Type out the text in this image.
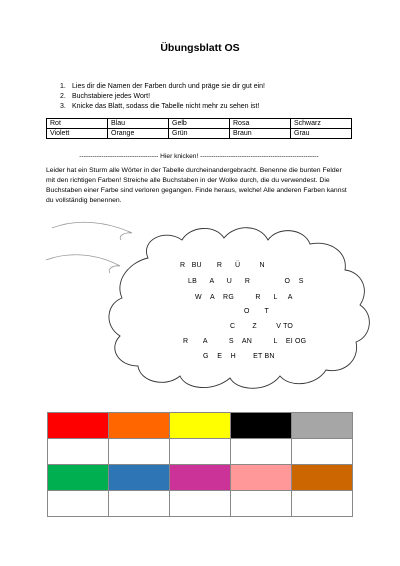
Übungsblatt OS
1. Lies dir die Namen der Farben durch und präge sie dir gut ein!
2. Buchstabiere jedes Wort!
3. Knicke das Blatt, sodass die Tabelle nicht mehr zu sehen ist!
Rot	Blau	Gelb	Rosa	Schwarz
Violett	Orange	Grün	Braun	Grau
------------------------------------ Hier knicken! ------------------------------------------------------

Leider hat ein Sturm alle Wörter in der Tabelle durcheinandergebracht. Benenne die bunten Felder mit den richtigen Farben! Streiche alle Buchstaben in der Wolke durch, die du verwendest. Die Buchstaben einer Farbe sind verloren gegangen. Finde heraus, welche! Alle anderen Farben kannst du vollständig benennen.

R   BU       R      Ü         N
LB      A      U      R                O    S
W    A    RG          R      L     A
O       T
C        Z         V TO
R       A          S    AN          L    EI OG
G    E    H        ET BN
